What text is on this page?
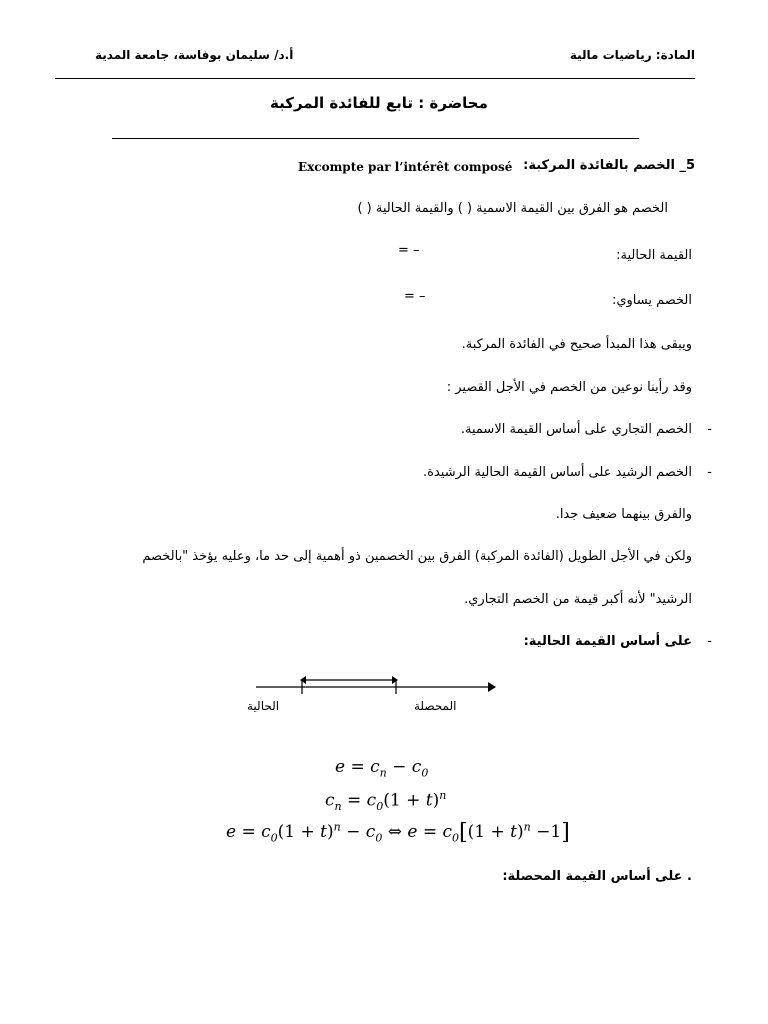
المادة: رياضيات مالية
أ.د/ سليمان بوفاسة، جامعة المدية
محاضرة : تابع للفائدة المركبة
5_ الخصم بالفائدة المركبة:
Excompte par l’intérêt composé
الخصم هو الفرق بين القيمة الاسمية ( ) والقيمة الحالية ( )
القيمة الحالية:
= –
الخصم يساوي:
= –
ويبقى هذا المبدأ صحيح في الفائدة المركبة.
وقد رأينا نوعين من الخصم في الأجل القصير :
-
الخصم التجاري على أساس القيمة الاسمية.
-
الخصم الرشيد على أساس القيمة الحالية الرشيدة.
والفرق بينهما ضعيف جدا.
ولكن في الأجل الطويل (الفائدة المركبة) الفرق بين الخصمين ذو أهمية إلى حد ما، وعليه يؤخذ "بالخصم
الرشيد" لأنه أكبر قيمة من الخصم التجاري.
-
على أساس القيمة الحالية:
الحالية	المحصلة
$e = c_n - c_0$
$c_n = c_0(1 + t)^n$
$e = c_0(1 + t)^n - c_0$ ⇔ $e = c_0[(1 + t)^n -1]$
. على أساس القيمة المحصلة:
